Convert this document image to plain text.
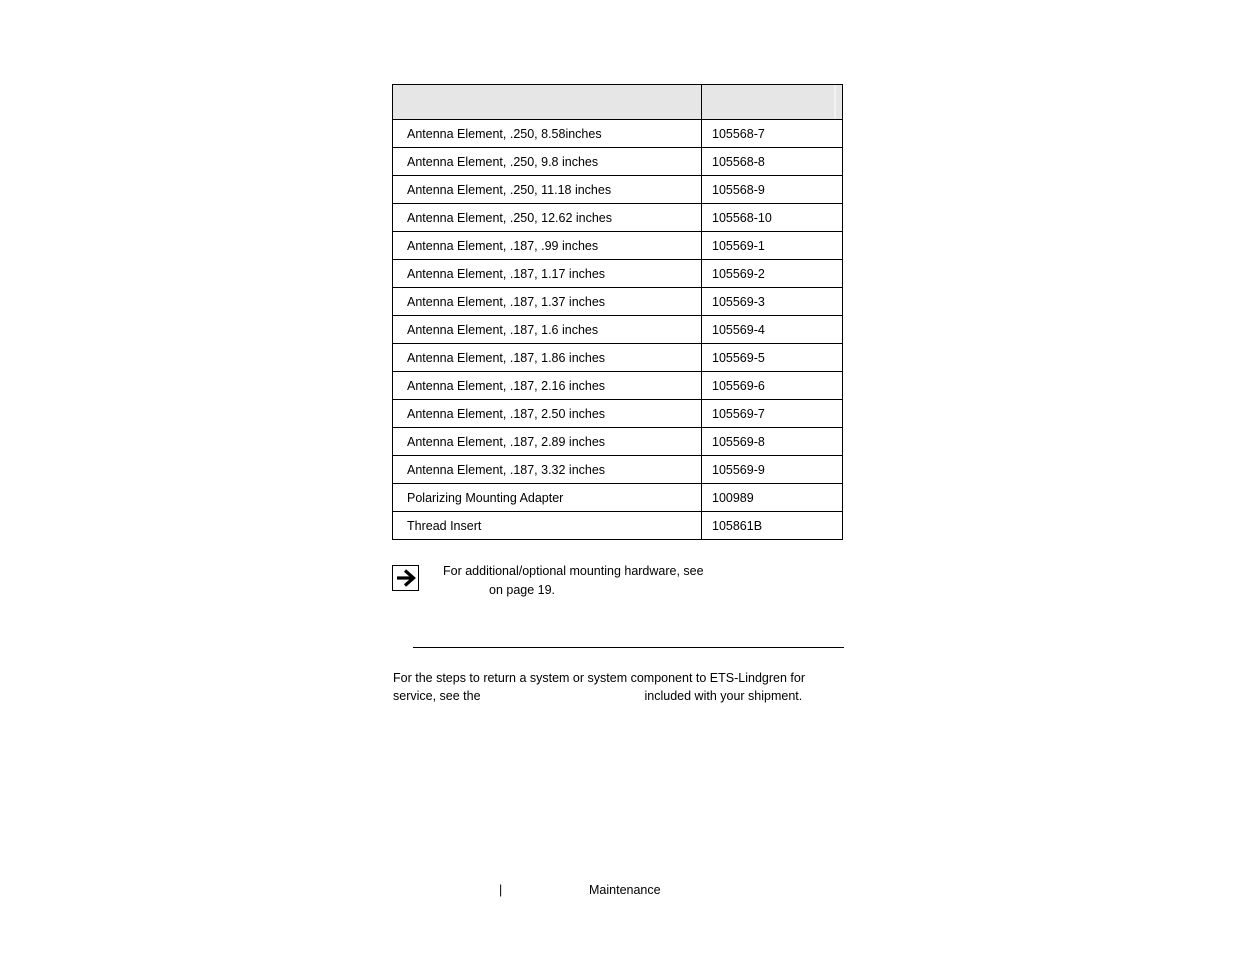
Antenna Element, .250, 8.58inches	105568-7
Antenna Element, .250, 9.8 inches	105568-8
Antenna Element, .250, 11.18 inches	105568-9
Antenna Element, .250, 12.62 inches	105568-10
Antenna Element, .187, .99 inches	105569-1
Antenna Element, .187, 1.17 inches	105569-2
Antenna Element, .187, 1.37 inches	105569-3
Antenna Element, .187, 1.6 inches	105569-4
Antenna Element, .187, 1.86 inches	105569-5
Antenna Element, .187, 2.16 inches	105569-6
Antenna Element, .187, 2.50 inches	105569-7
Antenna Element, .187, 2.89 inches	105569-8
Antenna Element, .187, 3.32 inches	105569-9
Polarizing Mounting Adapter	100989
Thread Insert	105861B
For additional/optional mounting hardware, see
on page 19.
For the steps to return a system or system component to ETS-Lindgren for service, see the	included with your shipment.
|	Maintenance
